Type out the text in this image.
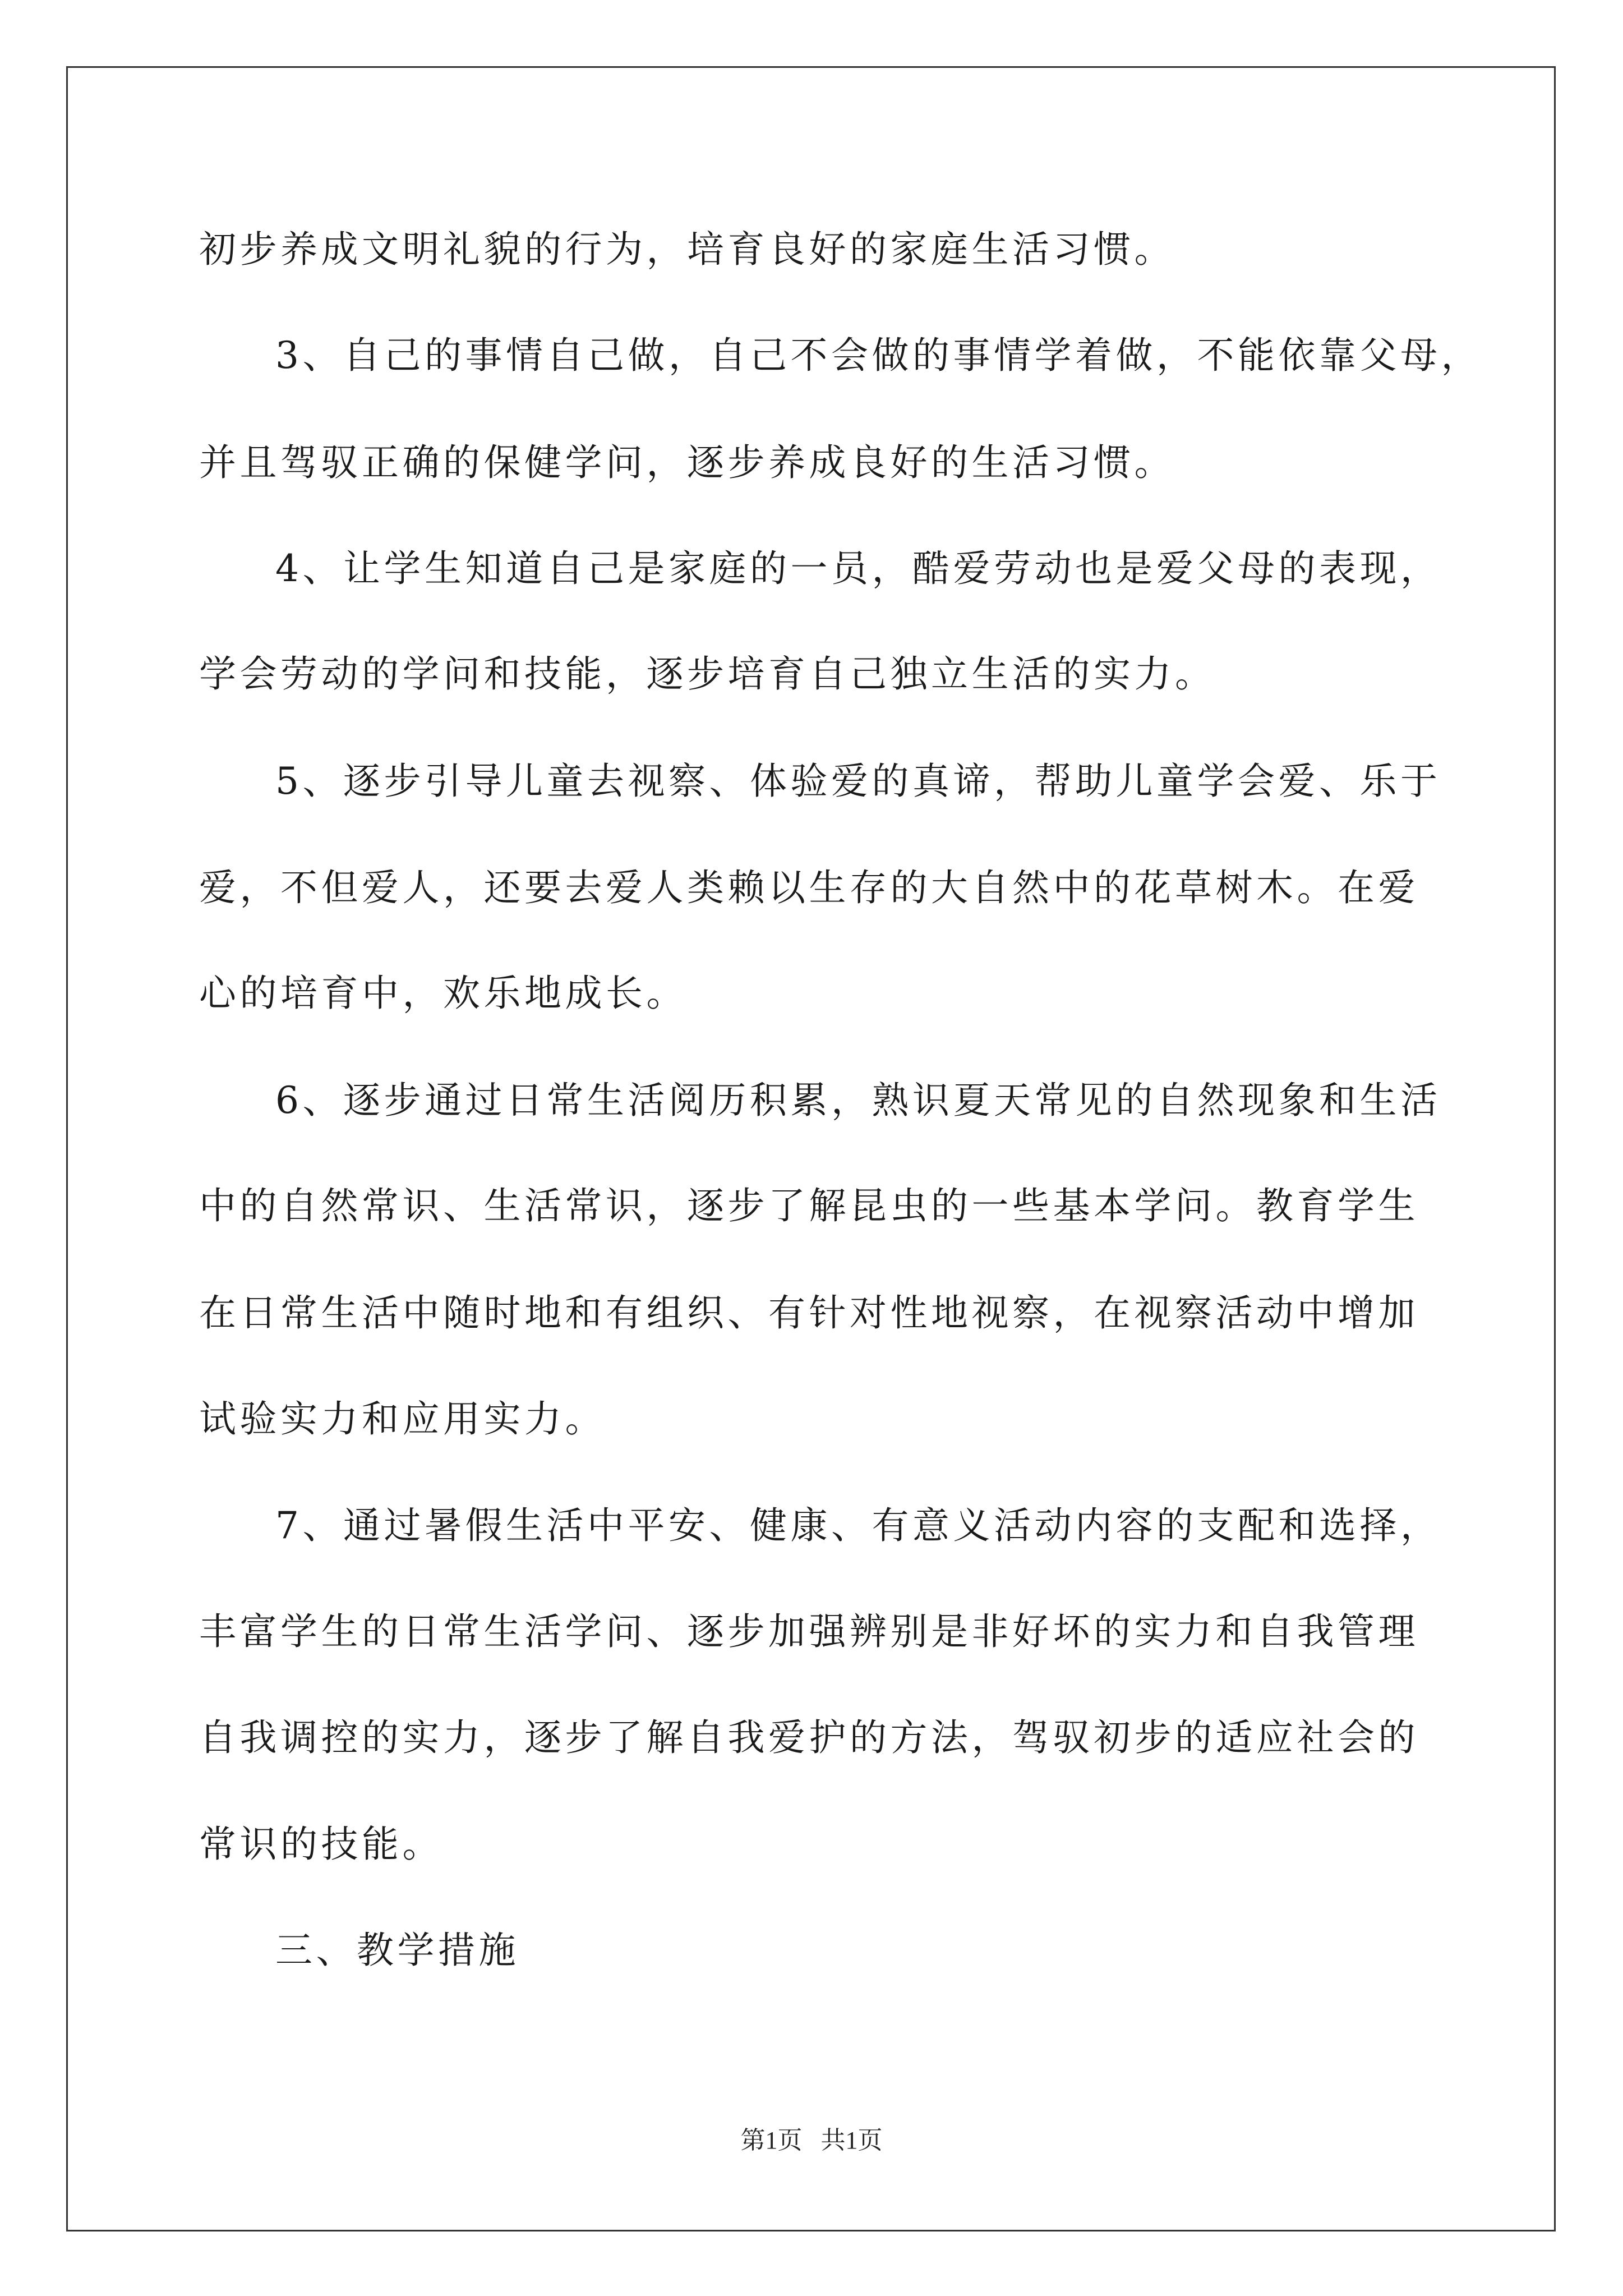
初步养成文明礼貌的行为，培育良好的家庭生活习惯。
3、自己的事情自己做，自己不会做的事情学着做，不能依靠父母，
并且驾驭正确的保健学问，逐步养成良好的生活习惯。
4、让学生知道自己是家庭的一员，酷爱劳动也是爱父母的表现，
学会劳动的学问和技能，逐步培育自己独立生活的实力。
5、逐步引导儿童去视察、体验爱的真谛，帮助儿童学会爱、乐于
爱，不但爱人，还要去爱人类赖以生存的大自然中的花草树木。在爱
心的培育中，欢乐地成长。
6、逐步通过日常生活阅历积累，熟识夏天常见的自然现象和生活
中的自然常识、生活常识，逐步了解昆虫的一些基本学问。教育学生
在日常生活中随时地和有组织、有针对性地视察，在视察活动中增加
试验实力和应用实力。
7、通过暑假生活中平安、健康、有意义活动内容的支配和选择，
丰富学生的日常生活学问、逐步加强辨别是非好坏的实力和自我管理
自我调控的实力，逐步了解自我爱护的方法，驾驭初步的适应社会的
常识的技能。
三、教学措施
第1页   共1页
